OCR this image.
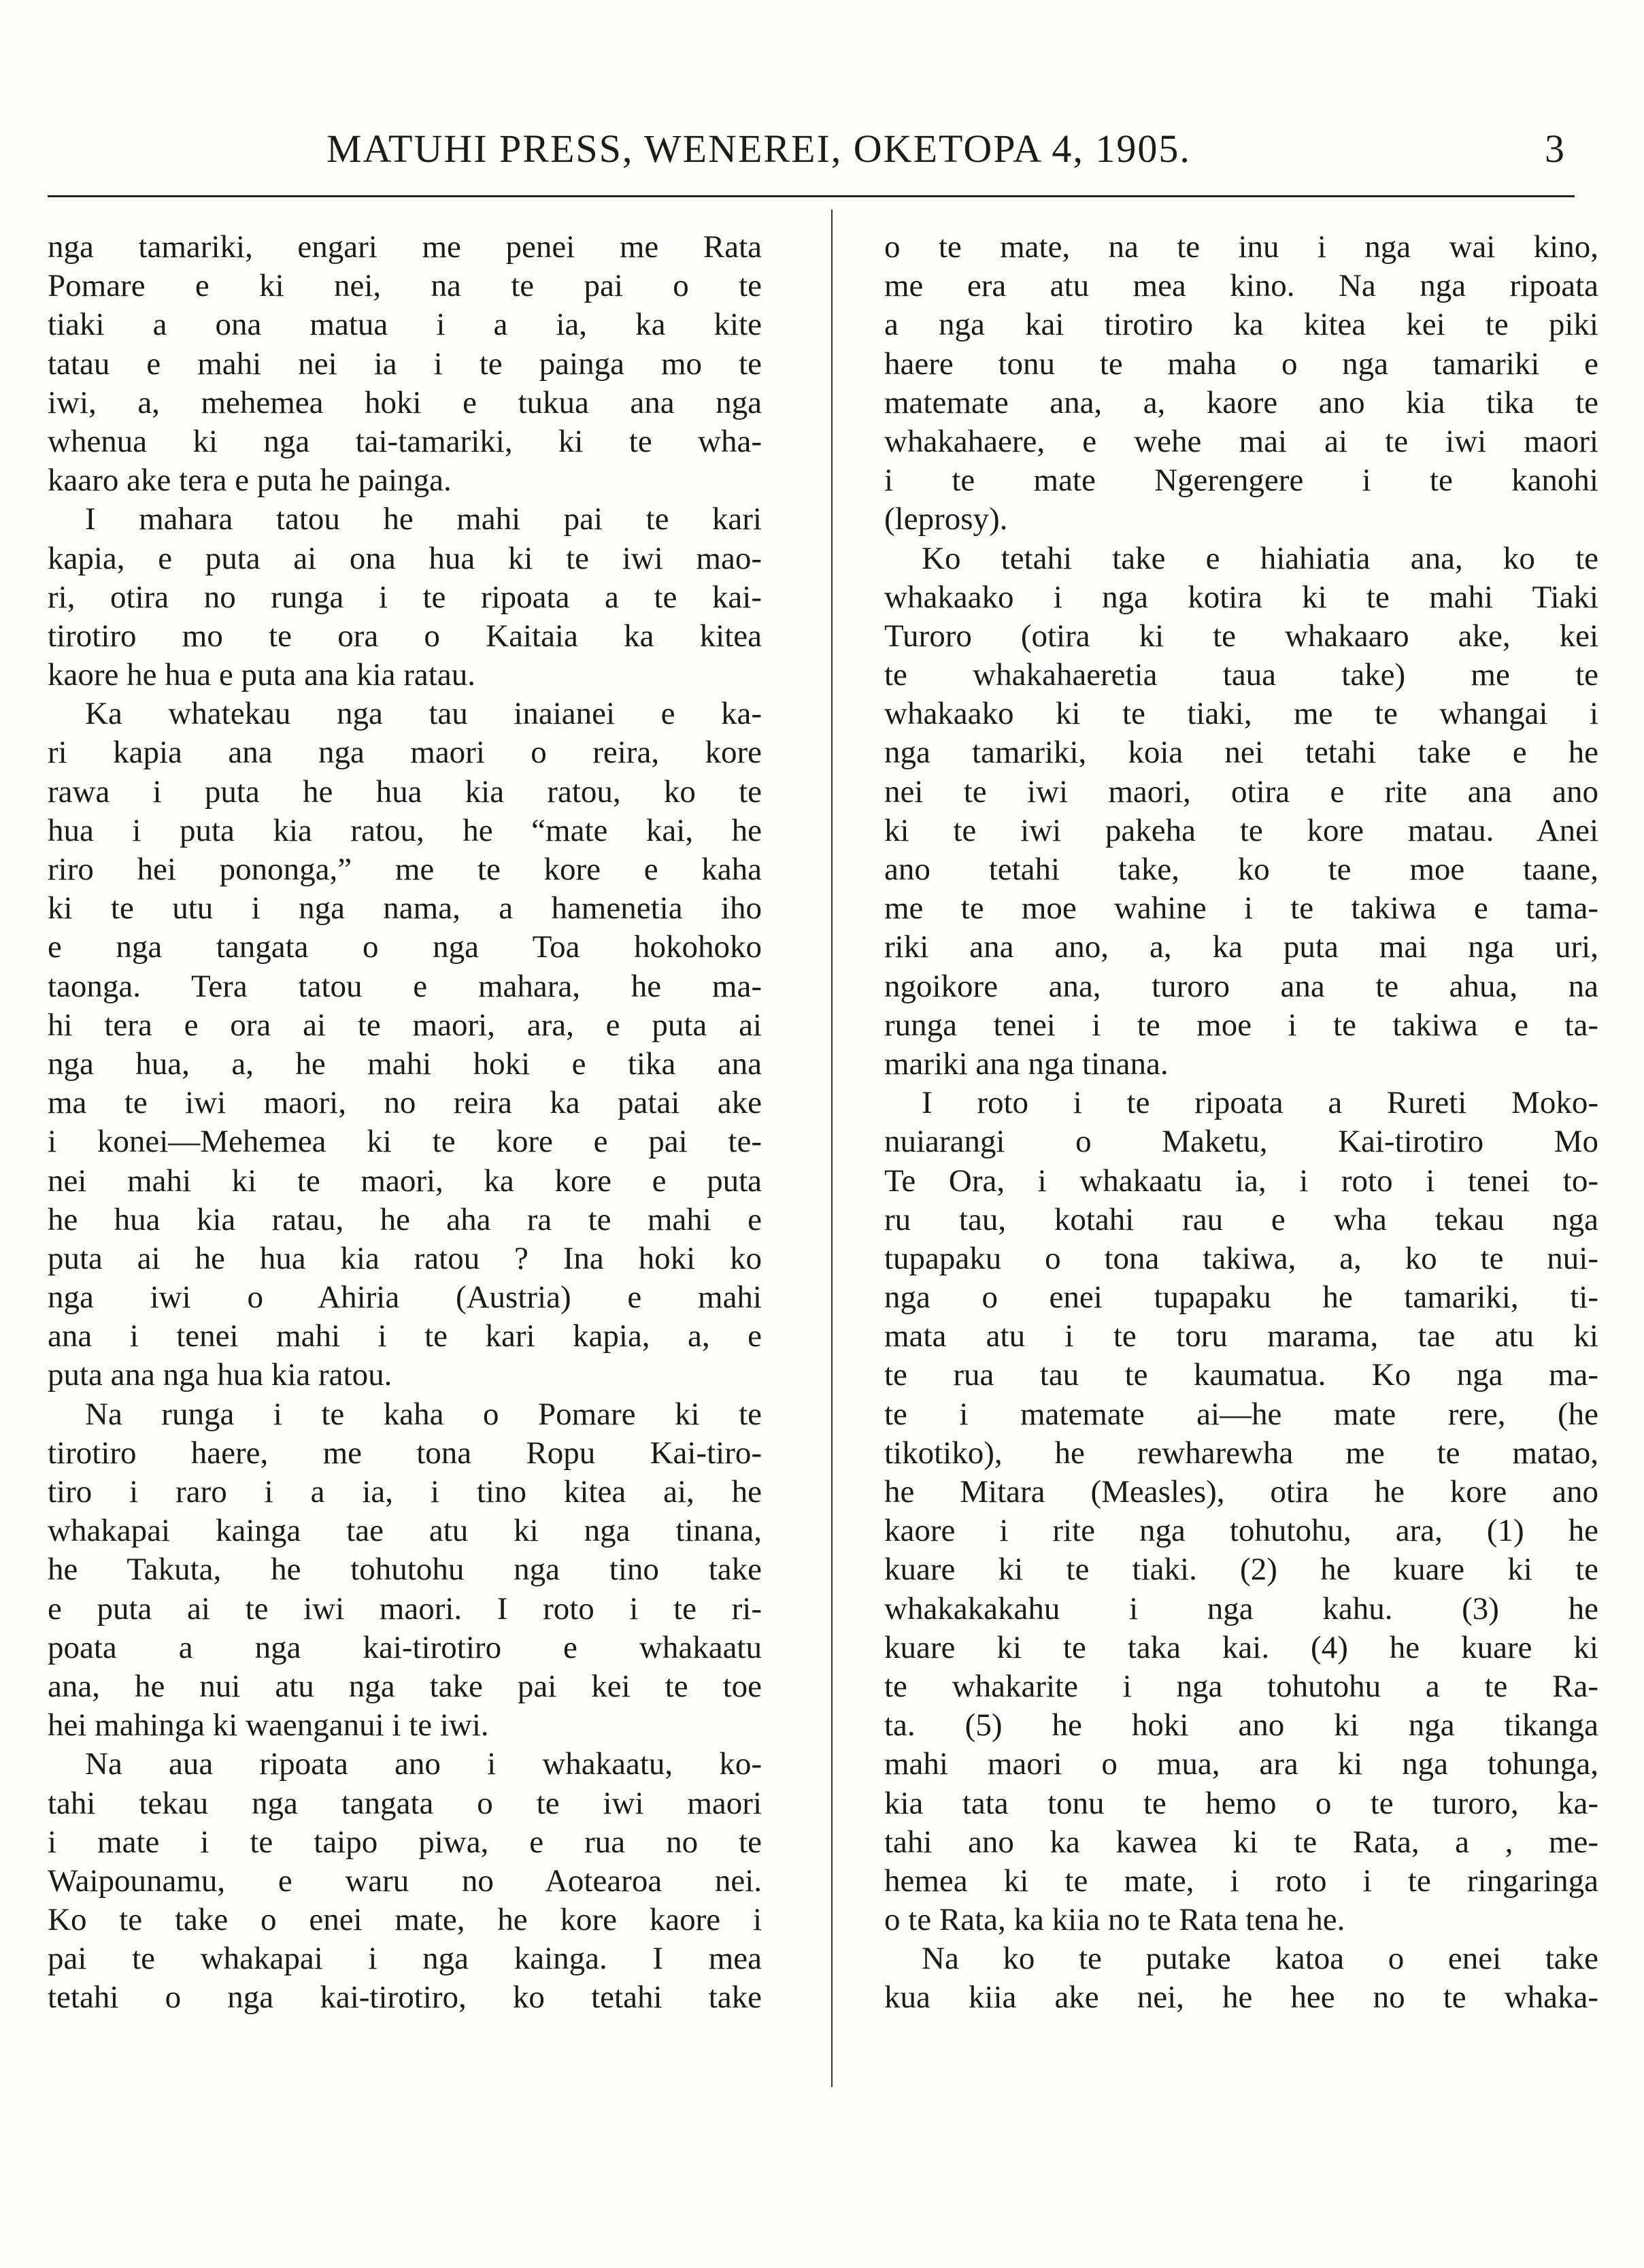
MATUHI PRESS, WENEREI, OKETOPA 4, 1905.	3
nga tamariki, engari me penei me Rata
Pomare e ki nei, na te pai o te
tiaki a ona matua i a ia, ka kite
tatau e mahi nei ia i te painga mo te
iwi, a, mehemea hoki e tukua ana nga
whenua ki nga tai-tamariki, ki te wha-
kaaro ake tera e puta he painga.
I mahara tatou he mahi pai te kari
kapia, e puta ai ona hua ki te iwi mao-
ri, otira no runga i te ripoata a te kai-
tirotiro mo te ora o Kaitaia ka kitea
kaore he hua e puta ana kia ratau.
Ka whatekau nga tau inaianei e ka-
ri kapia ana nga maori o reira, kore
rawa i puta he hua kia ratou, ko te
hua i puta kia ratou, he “mate kai, he
riro hei pononga,” me te kore e kaha
ki te utu i nga nama, a hamenetia iho
e nga tangata o nga Toa hokohoko
taonga. Tera tatou e mahara, he ma-
hi tera e ora ai te maori, ara, e puta ai
nga hua, a, he mahi hoki e tika ana
ma te iwi maori, no reira ka patai ake
i konei—Mehemea ki te kore e pai te-
nei mahi ki te maori, ka kore e puta
he hua kia ratau, he aha ra te mahi e
puta ai he hua kia ratou ? Ina hoki ko
nga iwi o Ahiria (Austria) e mahi
ana i tenei mahi i te kari kapia, a, e
puta ana nga hua kia ratou.
Na runga i te kaha o Pomare ki te
tirotiro haere, me tona Ropu Kai-tiro-
tiro i raro i a ia, i tino kitea ai, he
whakapai kainga tae atu ki nga tinana,
he Takuta, he tohutohu nga tino take
e puta ai te iwi maori. I roto i te ri-
poata a nga kai-tirotiro e whakaatu
ana, he nui atu nga take pai kei te toe
hei mahinga ki waenganui i te iwi.
Na aua ripoata ano i whakaatu, ko-
tahi tekau nga tangata o te iwi maori
i mate i te taipo piwa, e rua no te
Waipounamu, e waru no Aotearoa nei.
Ko te take o enei mate, he kore kaore i
pai te whakapai i nga kainga. I mea
tetahi o nga kai-tirotiro, ko tetahi take
o te mate, na te inu i nga wai kino,
me era atu mea kino. Na nga ripoata
a nga kai tirotiro ka kitea kei te piki
haere tonu te maha o nga tamariki e
matemate ana, a, kaore ano kia tika te
whakahaere, e wehe mai ai te iwi maori
i te mate Ngerengere i te kanohi
(leprosy).
Ko tetahi take e hiahiatia ana, ko te
whakaako i nga kotira ki te mahi Tiaki
Turoro (otira ki te whakaaro ake, kei
te whakahaeretia taua take) me te
whakaako ki te tiaki, me te whangai i
nga tamariki, koia nei tetahi take e he
nei te iwi maori, otira e rite ana ano
ki te iwi pakeha te kore matau. Anei
ano tetahi take, ko te moe taane,
me te moe wahine i te takiwa e tama-
riki ana ano, a, ka puta mai nga uri,
ngoikore ana, turoro ana te ahua, na
runga tenei i te moe i te takiwa e ta-
mariki ana nga tinana.
I roto i te ripoata a Rureti Moko-
nuiarangi o Maketu, Kai-tirotiro Mo
Te Ora, i whakaatu ia, i roto i tenei to-
ru tau, kotahi rau e wha tekau nga
tupapaku o tona takiwa, a, ko te nui-
nga o enei tupapaku he tamariki, ti-
mata atu i te toru marama, tae atu ki
te rua tau te kaumatua. Ko nga ma-
te i matemate ai—he mate rere, (he
tikotiko), he rewharewha me te matao,
he Mitara (Measles), otira he kore ano
kaore i rite nga tohutohu, ara, (1) he
kuare ki te tiaki. (2) he kuare ki te
whakakakahu i nga kahu. (3) he
kuare ki te taka kai. (4) he kuare ki
te whakarite i nga tohutohu a te Ra-
ta. (5) he hoki ano ki nga tikanga
mahi maori o mua, ara ki nga tohunga,
kia tata tonu te hemo o te turoro, ka-
tahi ano ka kawea ki te Rata, a , me-
hemea ki te mate, i roto i te ringaringa
o te Rata, ka kiia no te Rata tena he.
Na ko te putake katoa o enei take
kua kiia ake nei, he hee no te whaka-
